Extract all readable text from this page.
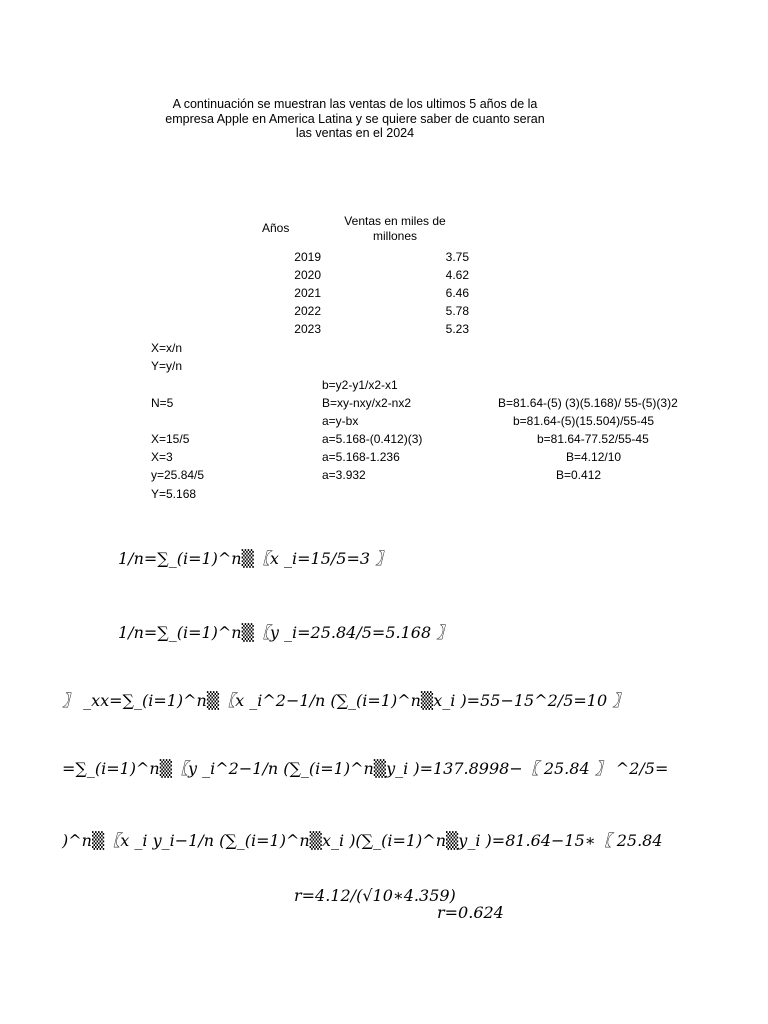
A continuación se muestran las ventas de los ultimos 5 años de la
empresa Apple en America Latina y se quiere saber de cuanto seran
las ventas en el 2024
Años	Ventas en miles de
millones
2019	3.75
2020	4.62
2021	6.46
2022	5.78
2023	5.23
X=x/n
Y=y/n
N=5
X=15/5
X=3
y=25.84/5
Y=5.168
b=y2-y1/x2-x1
B=xy-nxy/x2-nx2
a=y-bx
a=5.168-(0.412)(3)
a=5.168-1.236
a=3.932
B=81.64-(5) (3)(5.168)/ 55-(5)(3)2
b=81.64-(5)(15.504)/55-45
b=81.64-77.52/55-45
B=4.12/10
B=0.412
1/𝑛=∑_(𝑖=1)^𝑛▒〖𝑥 _𝑖=15/5=3 〗
1/𝑛=∑_(𝑖=1)^𝑛▒〖𝑦 _𝑖=25.84/5=5.168 〗
〗 _𝑥𝑥=∑_(𝑖=1)^𝑛▒〖𝑥 _𝑖^2−1/𝑛 (∑_(𝑖=1)^𝑛▒𝑥_𝑖 )=55−15^2/5=10 〗
=∑_(𝑖=1)^𝑛▒〖𝑦 _𝑖^2−1/𝑛 (∑_(𝑖=1)^𝑛▒𝑦_𝑖 )=137.8998−〖 25.84 〗 ^2/5=
)^𝑛▒〖𝑥 _𝑖 𝑦_𝑖−1/𝑛 (∑_(𝑖=1)^𝑛▒𝑥_𝑖 )(∑_(𝑖=1)^𝑛▒𝑦_𝑖 )=81.64−15∗〖 25.84
𝑟=4.12/(√10∗4.359)
𝑟=0.624
